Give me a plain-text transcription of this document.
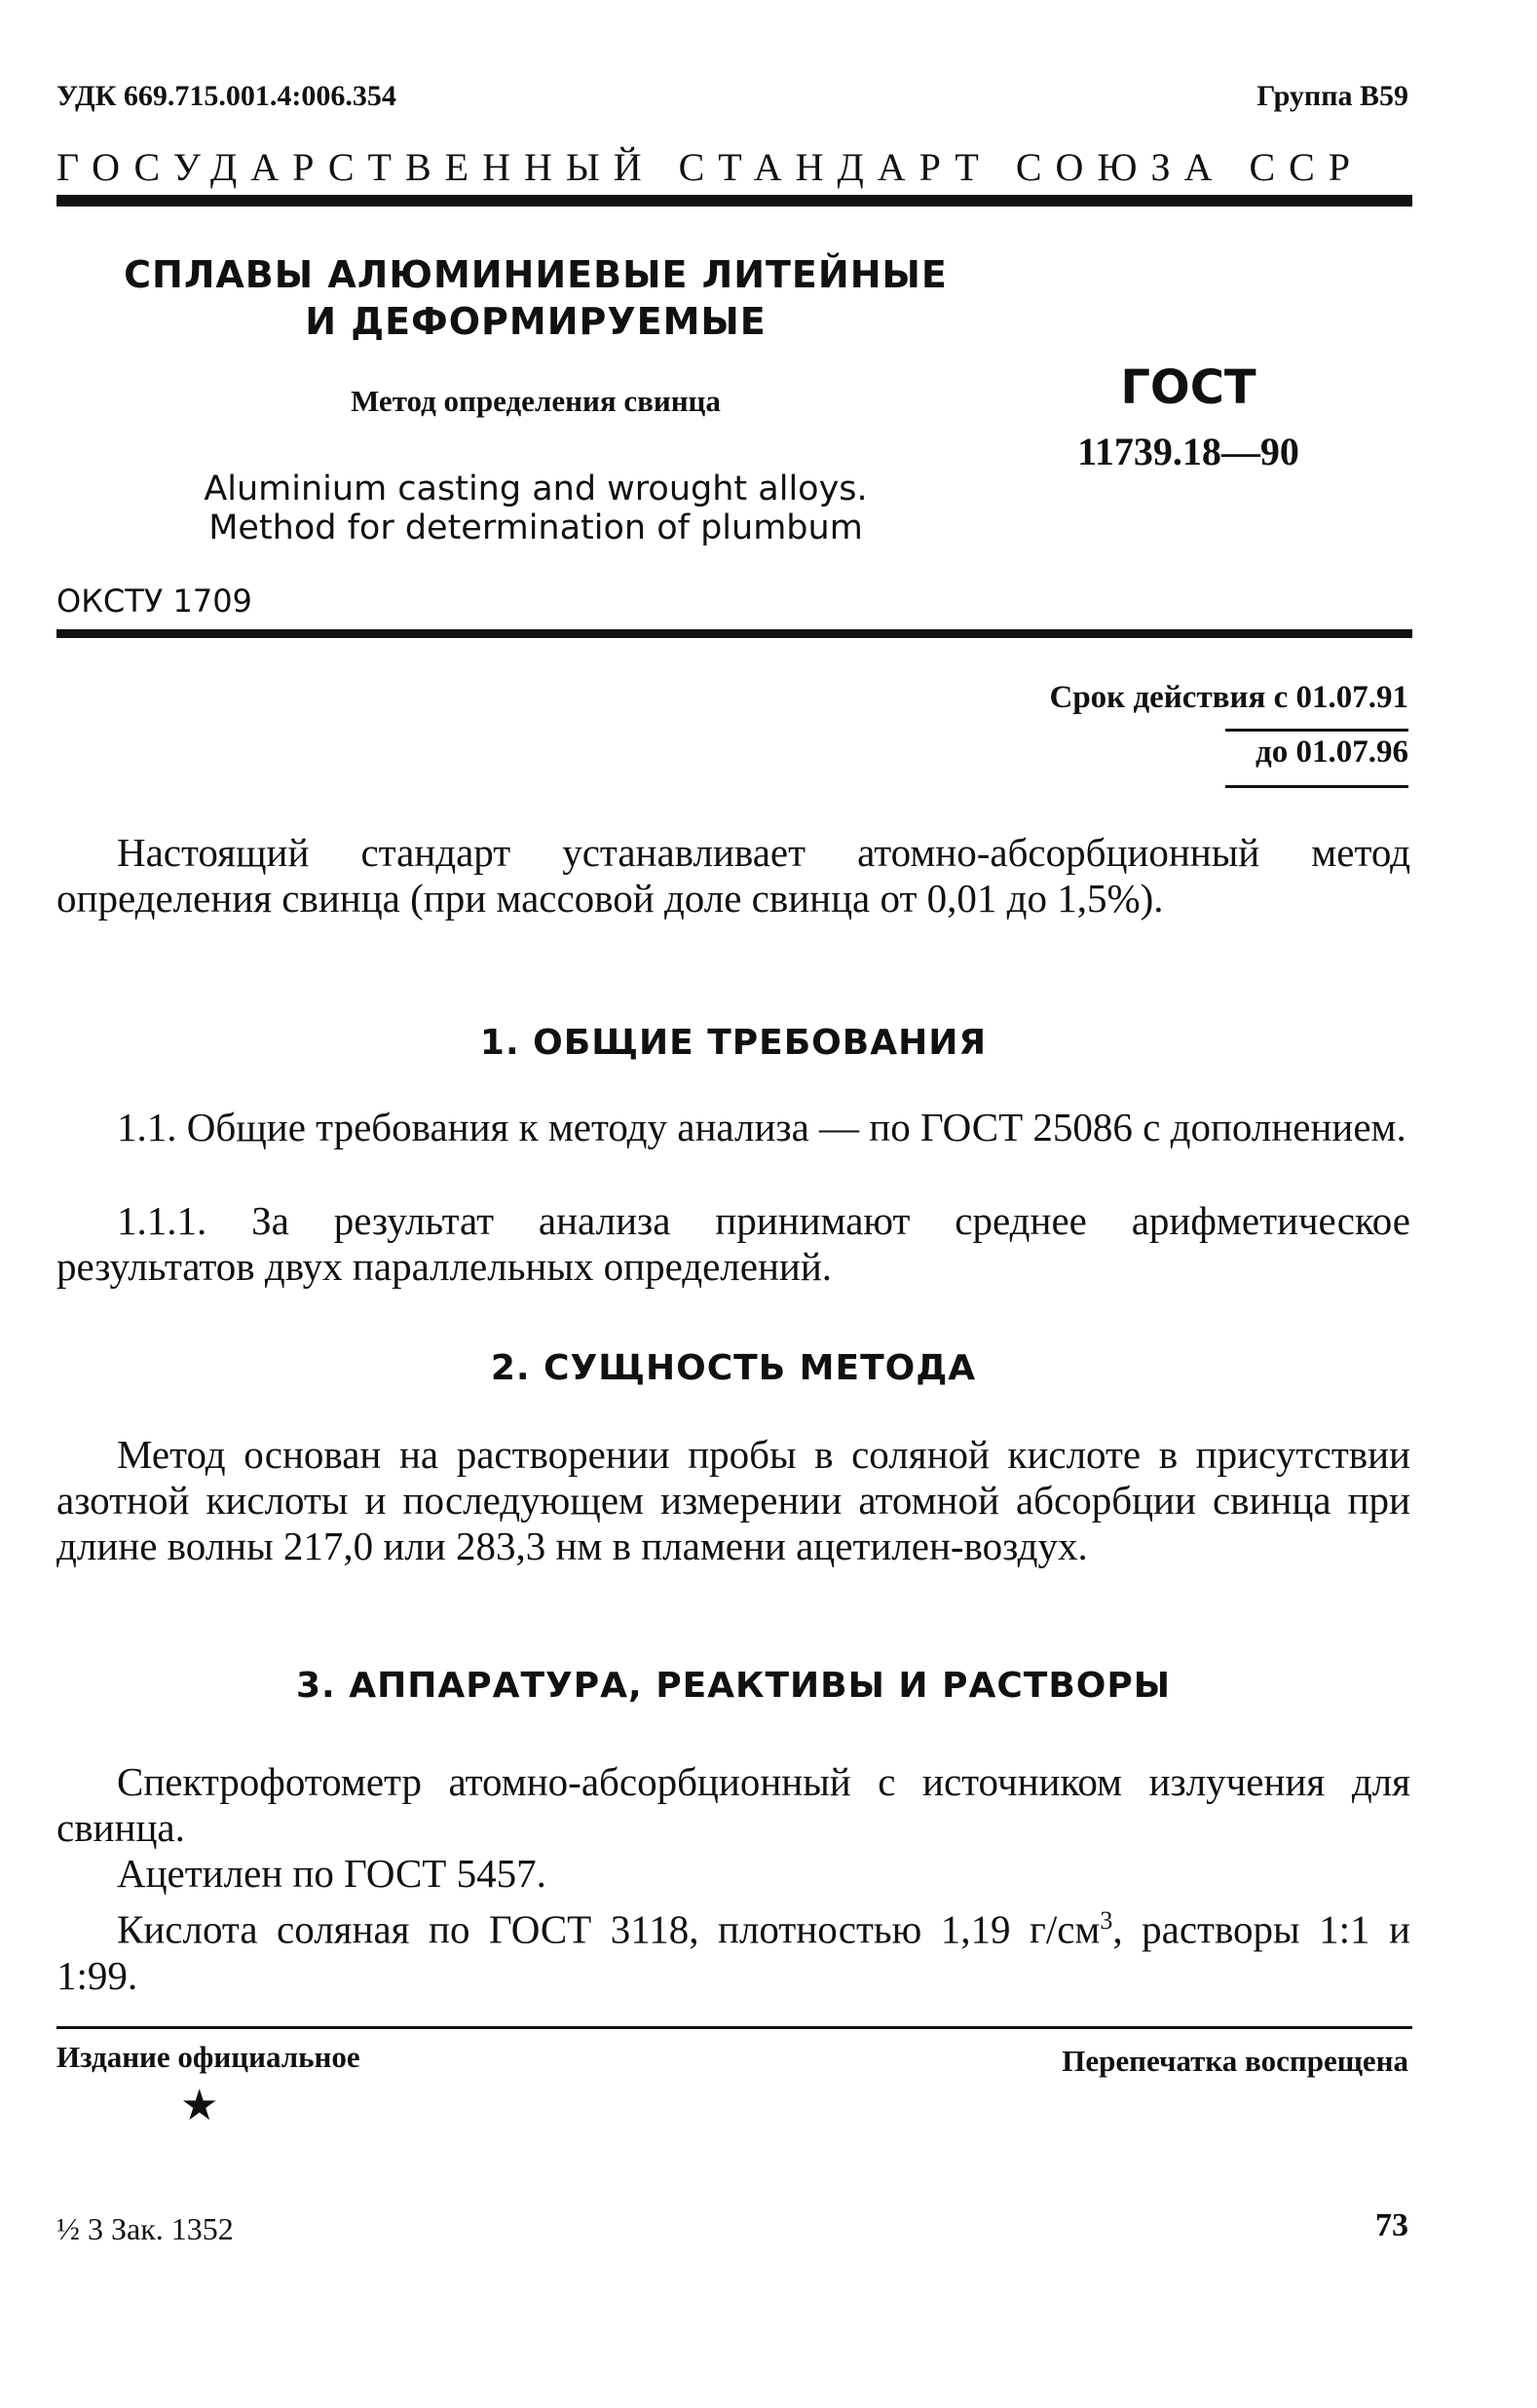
УДК 669.715.001.4:006.354	Группа В59
ГОСУДАРСТВЕННЫЙ СТАНДАРТ СОЮЗА ССР
СПЛАВЫ АЛЮМИНИЕВЫЕ ЛИТЕЙНЫЕ И ДЕФОРМИРУЕМЫЕ
Метод определения свинца
Aluminium casting and wrought alloys.
Method for determination of plumbum
ГОСТ
11739.18—90
ОКСТУ 1709
Срок действия с 01.07.91
до 01.07.96
Настоящий стандарт устанавливает атомно-абсорбционный метод определения свинца (при массовой доле свинца от 0,01 до 1,5%).
1. ОБЩИЕ ТРЕБОВАНИЯ
1.1. Общие требования к методу анализа — по ГОСТ 25086 с дополнением.
1.1.1. За результат анализа принимают среднее арифметическое результатов двух параллельных определений.
2. СУЩНОСТЬ МЕТОДА
Метод основан на растворении пробы в соляной кислоте в присутствии азотной кислоты и последующем измерении атомной абсорбции свинца при длине волны 217,0 или 283,3 нм в пламени ацетилен-воздух.
3. АППАРАТУРА, РЕАКТИВЫ И РАСТВОРЫ
Спектрофотометр атомно-абсорбционный с источником излучения для свинца.
Ацетилен по ГОСТ 5457.
Кислота соляная по ГОСТ 3118, плотностью 1,19 $г/см^3$, растворы 1:1 и 1:99.
Издание официальное	Перепечатка воспрещена
★
½ 3 Зак. 1352	73
